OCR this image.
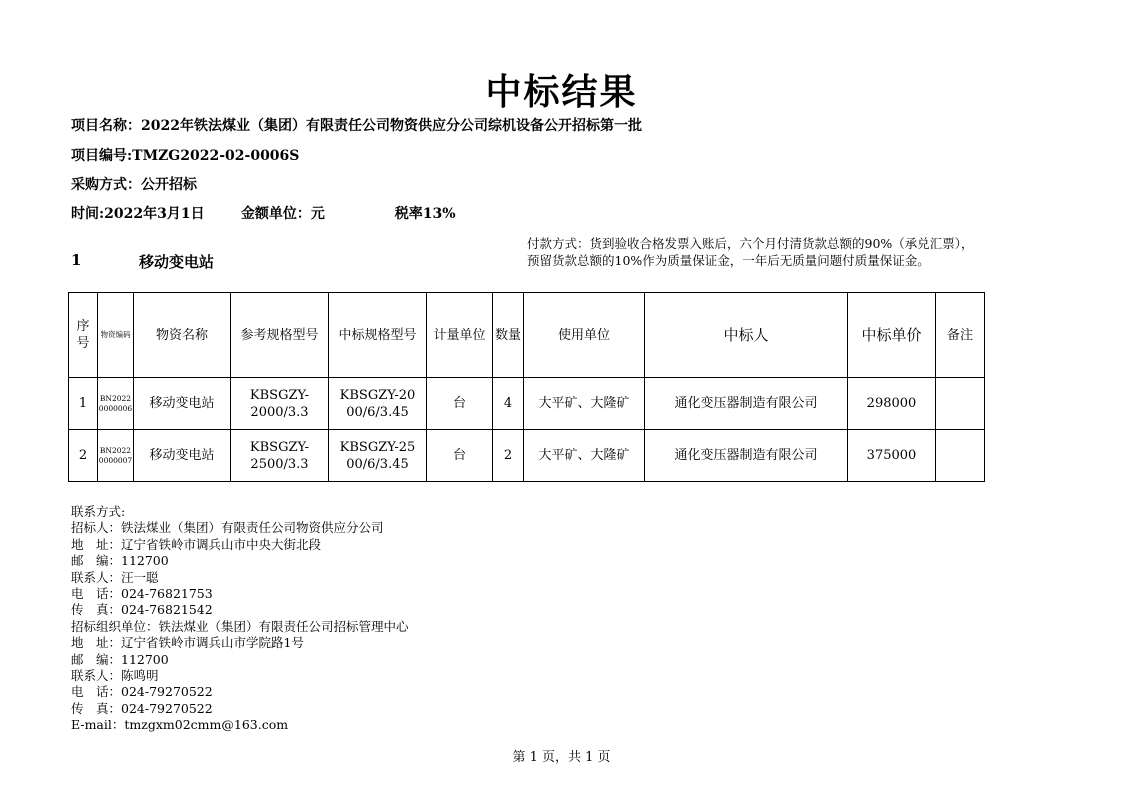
中标结果
项目名称：2022年铁法煤业（集团）有限责任公司物资供应分公司综机设备公开招标第一批
项目编号:TMZG2022-02-0006S
采购方式：公开招标
时间:2022年3月1日	金额单位：元	税率13%
1	移动变电站
付款方式：货到验收合格发票入账后，六个月付清货款总额的90%（承兑汇票），预留货款总额的10%作为质量保证金，一年后无质量问题付质量保证金。
序号	物资编码	物资名称	参考规格型号	中标规格型号	计量单位	数量	使用单位	中标人	中标单价	备注
1	BN20220000006	移动变电站	KBSGZY-2000/3.3	KBSGZY-2000/6/3.45	台	4	大平矿、大隆矿	通化变压器制造有限公司	298000	
2	BN20220000007	移动变电站	KBSGZY-2500/3.3	KBSGZY-2500/6/3.45	台	2	大平矿、大隆矿	通化变压器制造有限公司	375000	
联系方式:
招标人：铁法煤业（集团）有限责任公司物资供应分公司
地　址：辽宁省铁岭市调兵山市中央大街北段
邮　编：112700
联系人：汪一聪
电　话：024-76821753
传　真：024-76821542
招标组织单位：铁法煤业（集团）有限责任公司招标管理中心
地　址：辽宁省铁岭市调兵山市学院路1号
邮　编：112700
联系人：陈鸣明
电　话：024-79270522
传　真：024-79270522
E-mail：tmzgxm02cmm@163.com
第 1 页，共 1 页
